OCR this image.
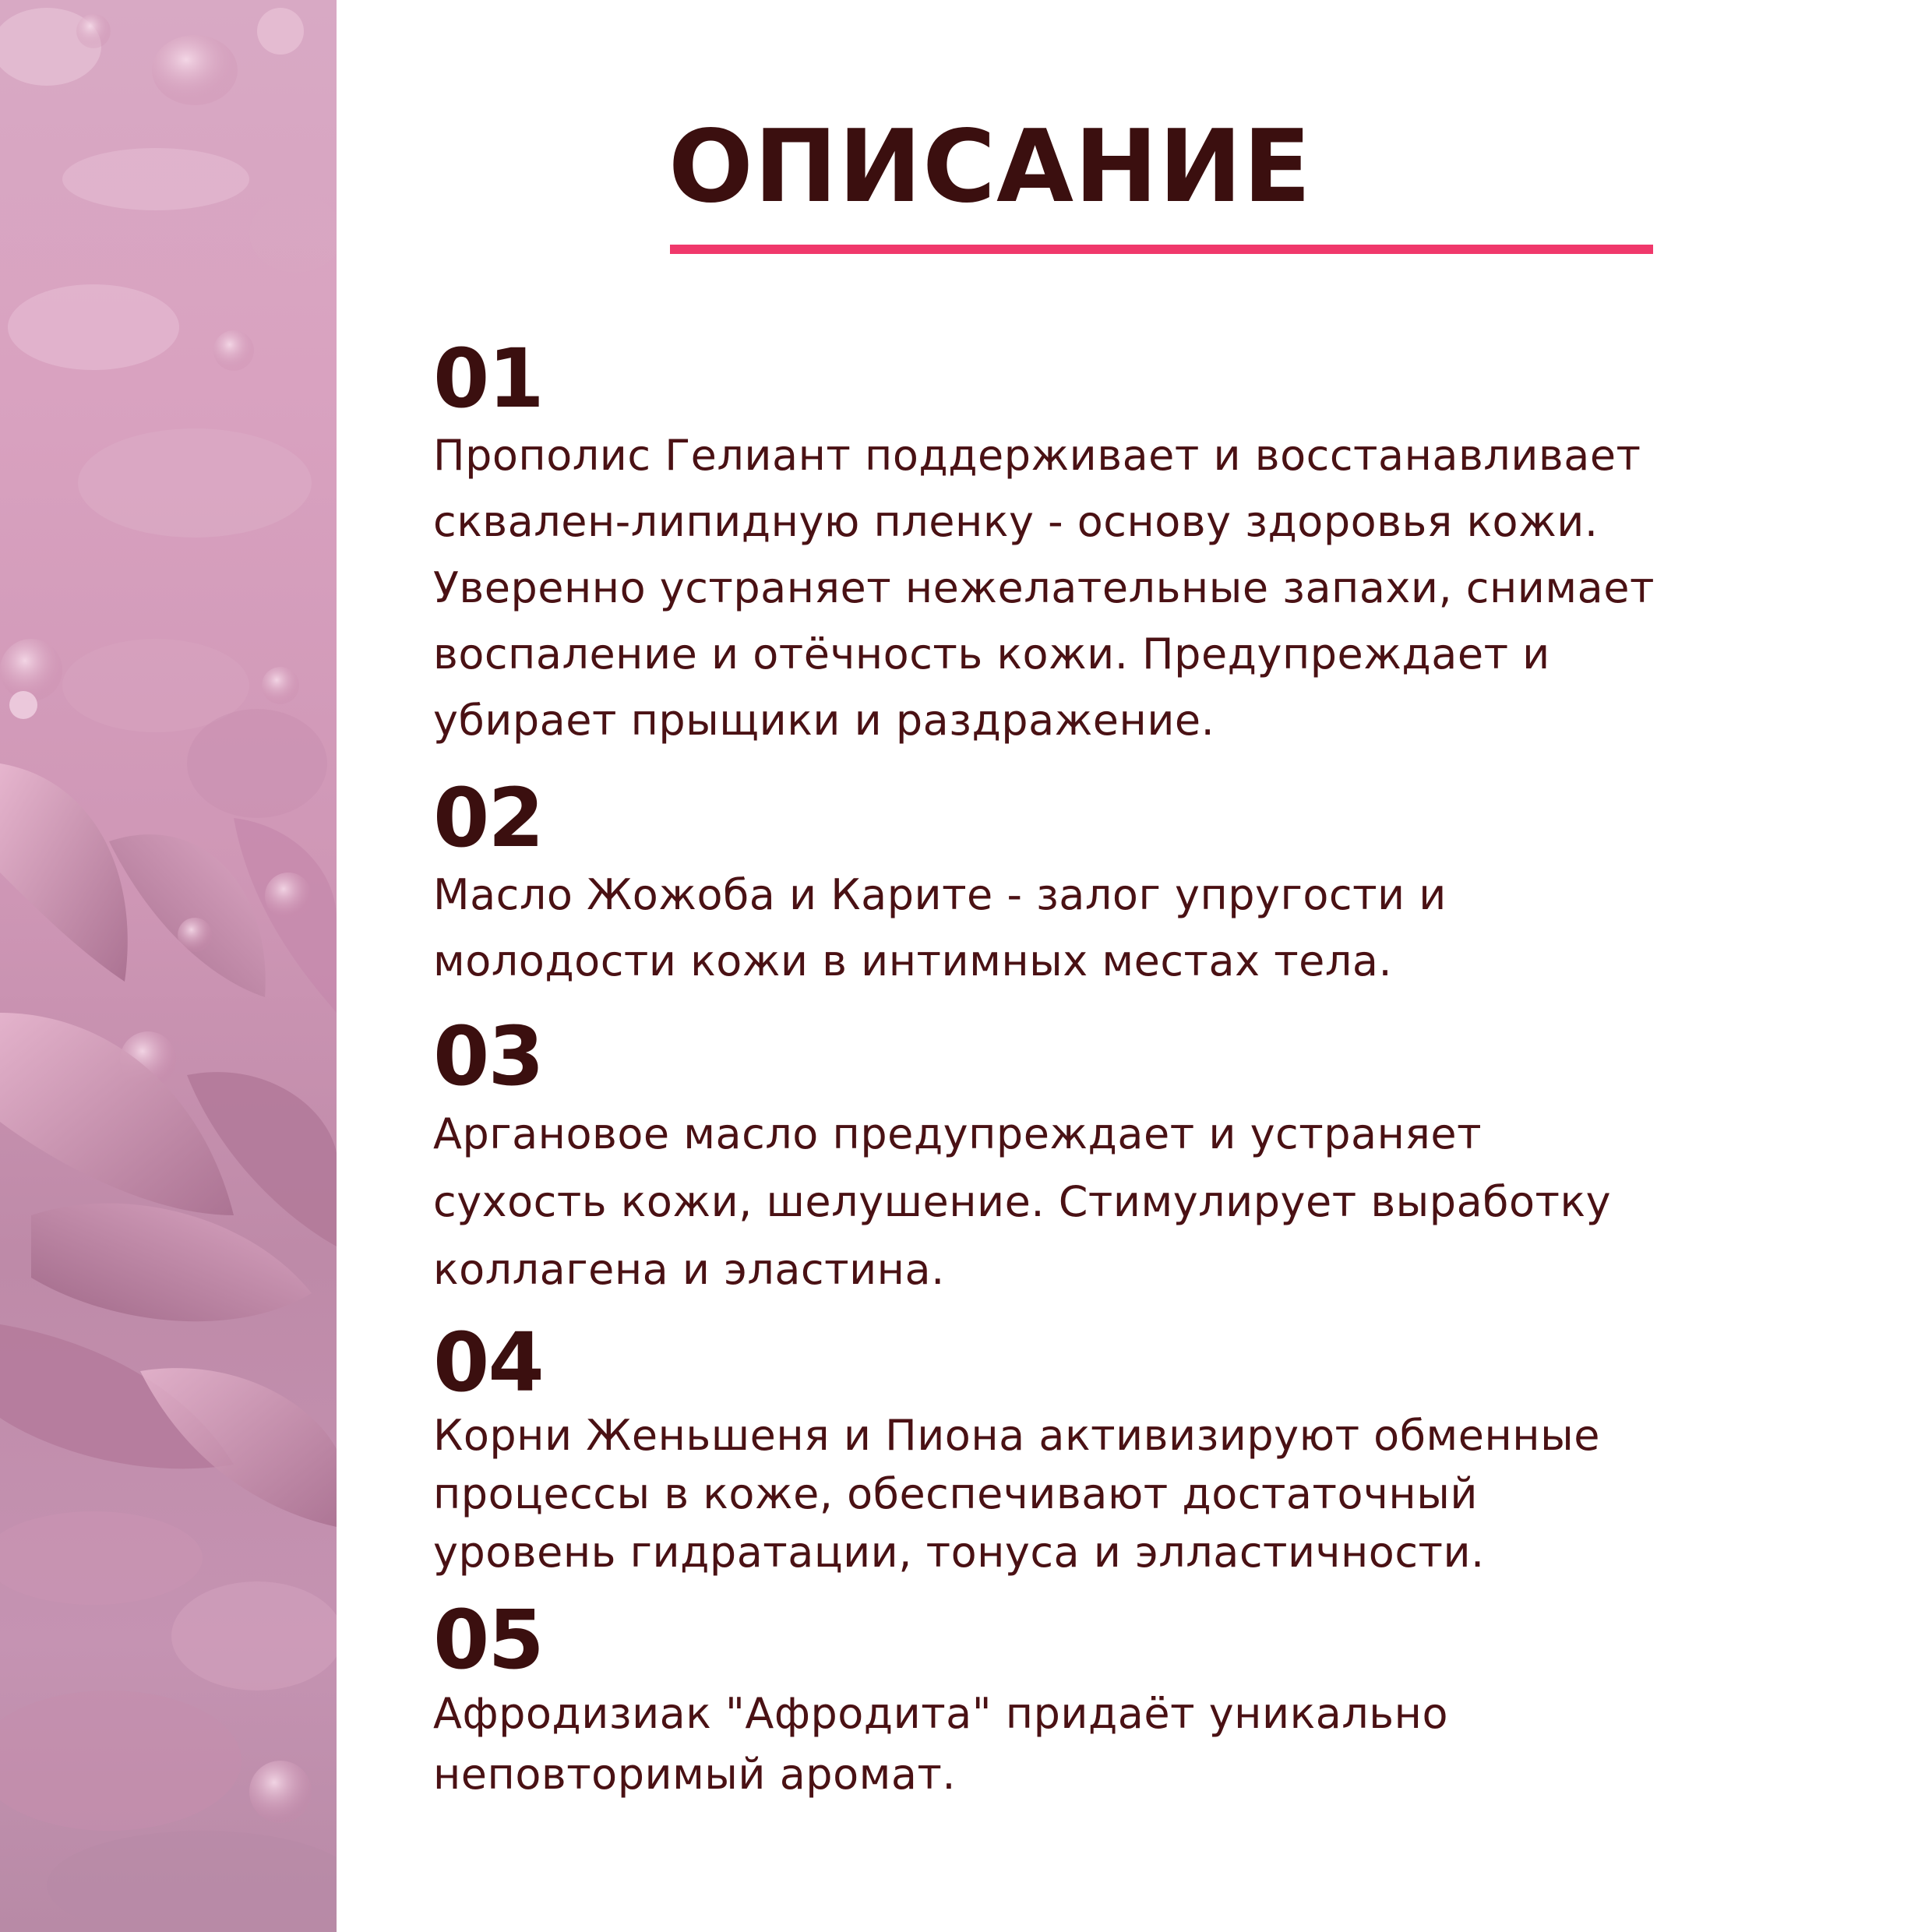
ОПИСАНИЕ
01
Прополис Гелиант поддерживает и восстанавливает
сквален-липидную пленку - основу здоровья кожи.
Уверенно устраняет нежелательные запахи, снимает
воспаление и отёчность кожи. Предупреждает и
убирает прыщики и раздражение.
02
Масло Жожоба и Карите - залог упругости и
молодости кожи в интимных местах тела.
03
Аргановое масло предупреждает и устраняет
сухость кожи, шелушение. Стимулирует выработку
коллагена и эластина.
04
Корни Женьшеня и Пиона активизируют обменные
процессы в коже, обеспечивают достаточный
уровень гидратации, тонуса и элластичности.
05
Афродизиак "Афродита" придаёт уникально
неповторимый аромат.
